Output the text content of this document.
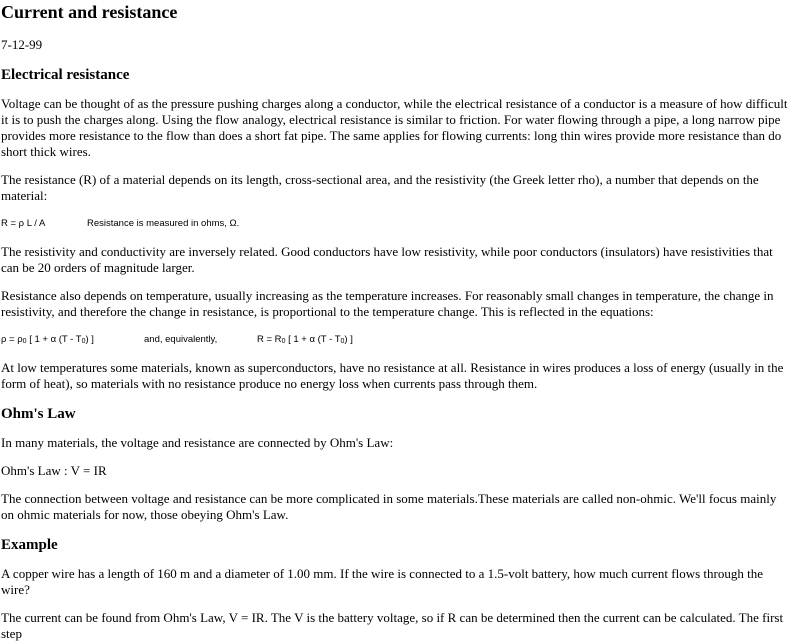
Current and resistance

7-12-99

Electrical resistance

Voltage can be thought of as the pressure pushing charges along a conductor, while the electrical resistance of a conductor is a measure of how difficult it is to push the charges along. Using the flow analogy, electrical resistance is similar to friction. For water flowing through a pipe, a long narrow pipe provides more resistance to the flow than does a short fat pipe. The same applies for flowing currents: long thin wires provide more resistance than do short thick wires.

The resistance (R) of a material depends on its length, cross-sectional area, and the resistivity (the Greek letter rho), a number that depends on the material:

R = ρ L / A	Resistance is measured in ohms, Ω.

The resistivity and conductivity are inversely related. Good conductors have low resistivity, while poor conductors (insulators) have resistivities that can be 20 orders of magnitude larger.

Resistance also depends on temperature, usually increasing as the temperature increases. For reasonably small changes in temperature, the change in resistivity, and therefore the change in resistance, is proportional to the temperature change. This is reflected in the equations:

$\rho = \rho_0$ [ 1 + α $(T - T_0)$ ]	and, equivalently,	$R = R_0$ [ 1 + α $(T - T_0)$ ]

At low temperatures some materials, known as superconductors, have no resistance at all. Resistance in wires produces a loss of energy (usually in the form of heat), so materials with no resistance produce no energy loss when currents pass through them.

Ohm's Law

In many materials, the voltage and resistance are connected by Ohm's Law:

Ohm's Law : V = IR

The connection between voltage and resistance can be more complicated in some materials.These materials are called non-ohmic. We'll focus mainly on ohmic materials for now, those obeying Ohm's Law.

Example

A copper wire has a length of 160 m and a diameter of 1.00 mm. If the wire is connected to a 1.5-volt battery, how much current flows through the wire?

The current can be found from Ohm's Law, V = IR. The V is the battery voltage, so if R can be determined then the current can be calculated. The first step
